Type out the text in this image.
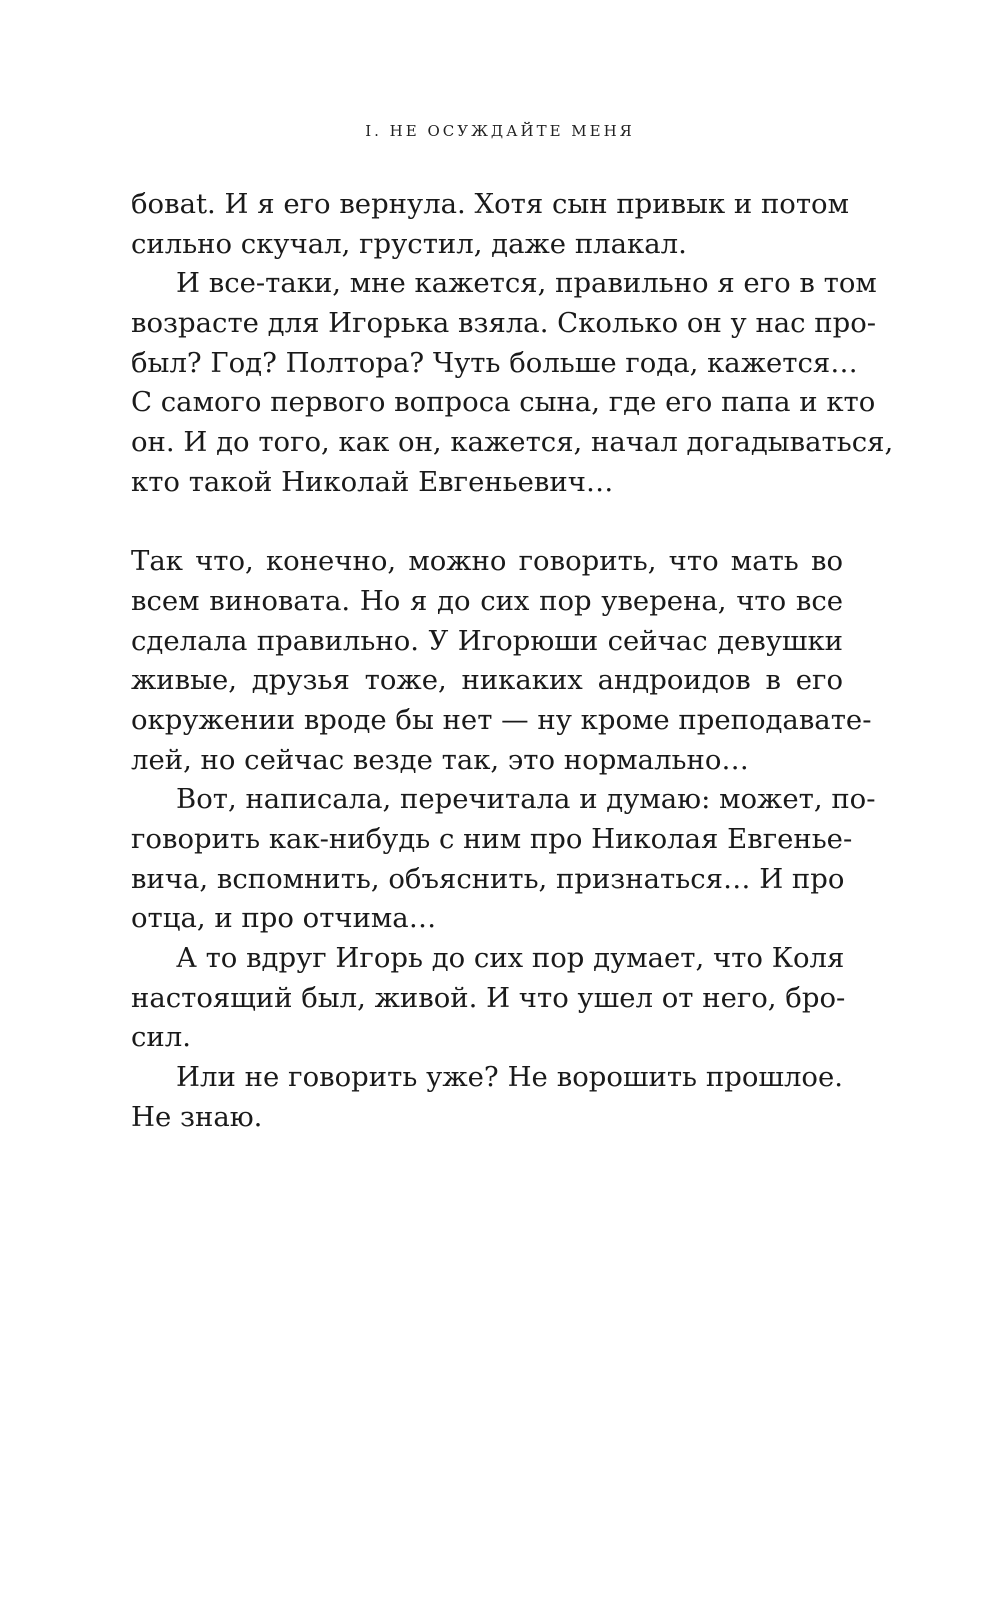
I. НЕ ОСУЖДАЙТЕ МЕНЯ
бовat. И я его вернула. Хотя сын привык и потом
сильно скучал, грустил, даже плакал.
И все-таки, мне кажется, правильно я его в том
возрасте для Игорька взяла. Сколько он у нас про-
был? Год? Полтора? Чуть больше года, кажется…
С самого первого вопроса сына, где его папа и кто
он. И до того, как он, кажется, начал догадываться,
кто такой Николай Евгеньевич…
Так что, конечно, можно говорить, что мать во
всем виновата. Но я до сих пор уверена, что все
сделала правильно. У Игорюши сейчас девушки
живые, друзья тоже, никаких андроидов в его
окружении вроде бы нет — ну кроме преподавате-
лей, но сейчас везде так, это нормально…
Вот, написала, перечитала и думаю: может, по-
говорить как-нибудь с ним про Николая Евгенье-
вича, вспомнить, объяснить, признаться… И про
отца, и про отчима…
А то вдруг Игорь до сих пор думает, что Коля
настоящий был, живой. И что ушел от него, бро-
сил.
Или не говорить уже? Не ворошить прошлое.
Не знаю.
